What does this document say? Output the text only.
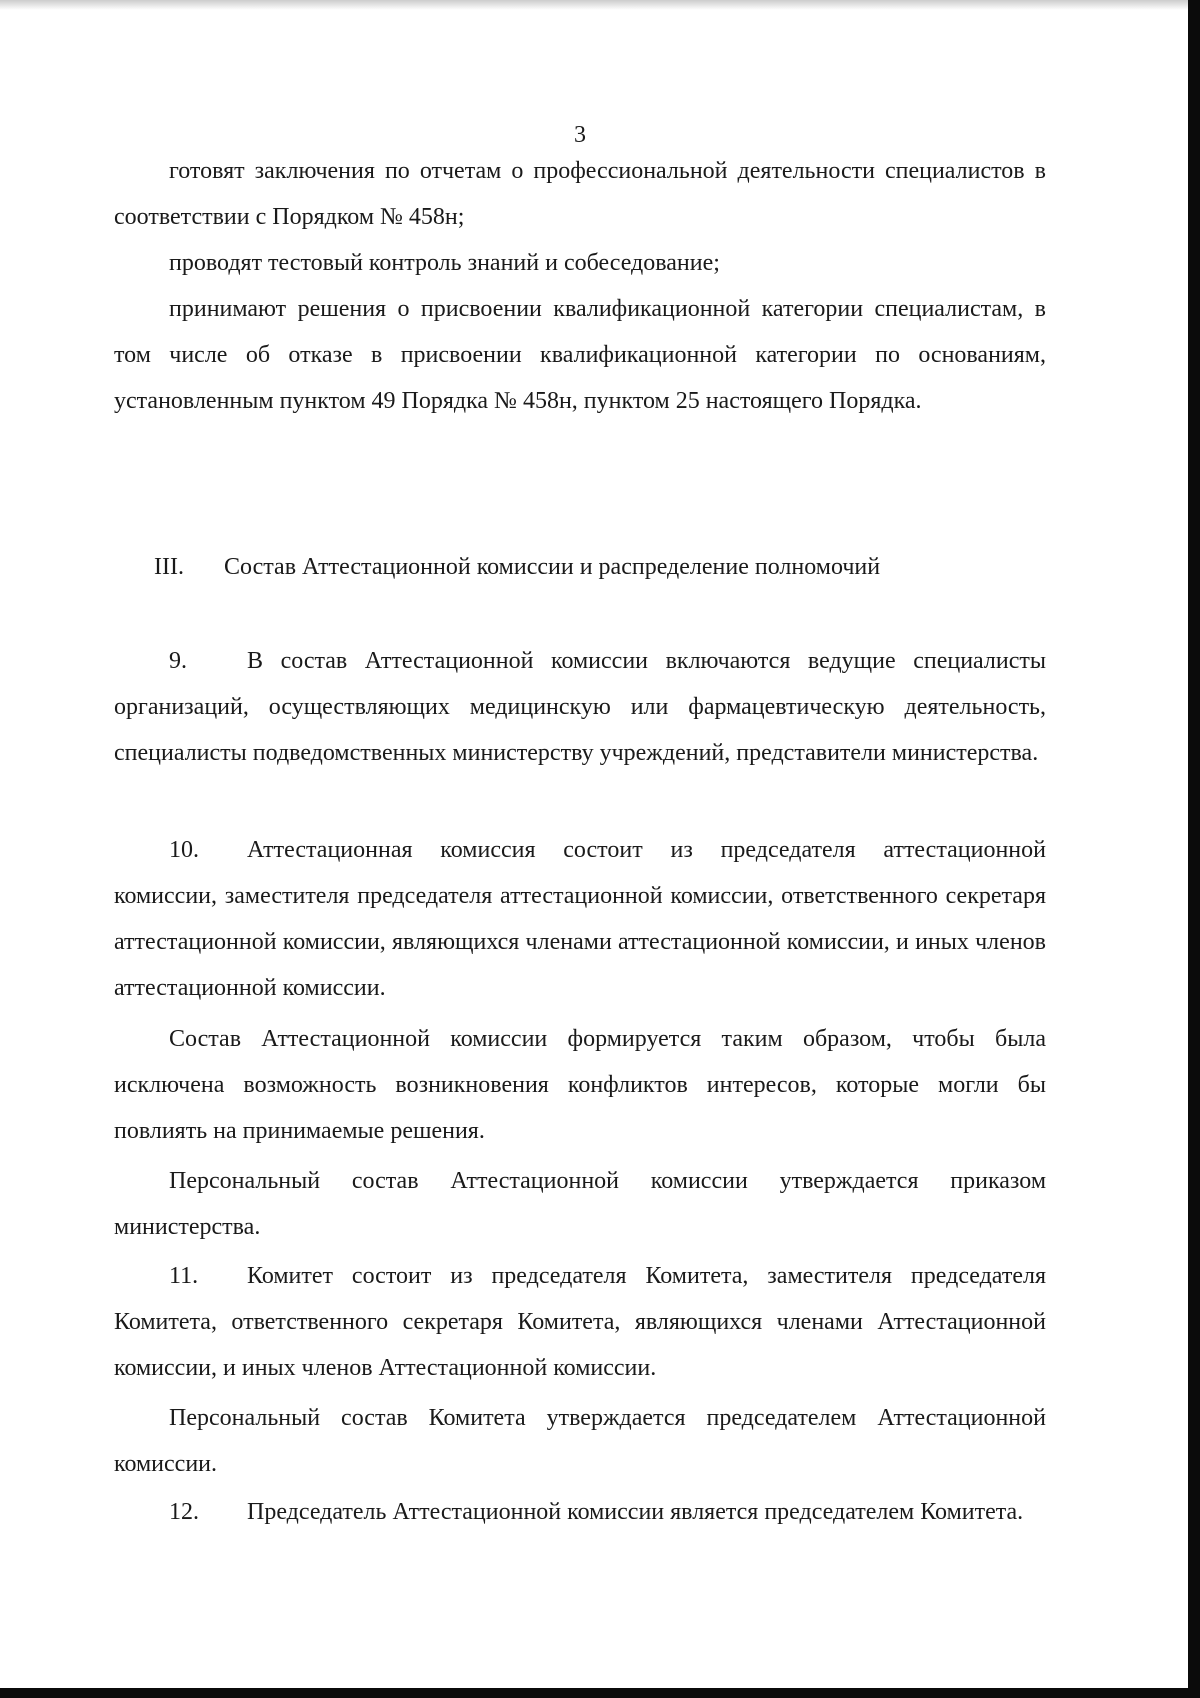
3
готовят заключения по отчетам о профессиональной деятельности специалистов в соответствии с Порядком № 458н;
проводят тестовый контроль знаний и собеседование;
принимают решения о присвоении квалификационной категории специалистам, в том числе об отказе в присвоении квалификационной категории по основаниям, установленным пунктом 49 Порядка № 458н, пунктом 25 настоящего Порядка.
III. Состав Аттестационной комиссии и распределение полномочий
9.	В состав Аттестационной комиссии включаются ведущие специалисты организаций, осуществляющих медицинскую или фармацевтическую деятельность, специалисты подведомственных министерству учреждений, представители министерства.
10. Аттестационная комиссия состоит из председателя аттестационной комиссии, заместителя председателя аттестационной комиссии, ответственного секретаря аттестационной комиссии, являющихся членами аттестационной комиссии, и иных членов аттестационной комиссии.
Состав Аттестационной комиссии формируется таким образом, чтобы была исключена возможность возникновения конфликтов интересов, которые могли бы повлиять на принимаемые решения.
Персональный состав Аттестационной комиссии утверждается приказом министерства.
11. Комитет состоит из председателя Комитета, заместителя председателя Комитета, ответственного секретаря Комитета, являющихся членами Аттестационной комиссии, и иных членов Аттестационной комиссии.
Персональный состав Комитета утверждается председателем Аттестационной комиссии.
12. Председатель Аттестационной комиссии является председателем Комитета.
